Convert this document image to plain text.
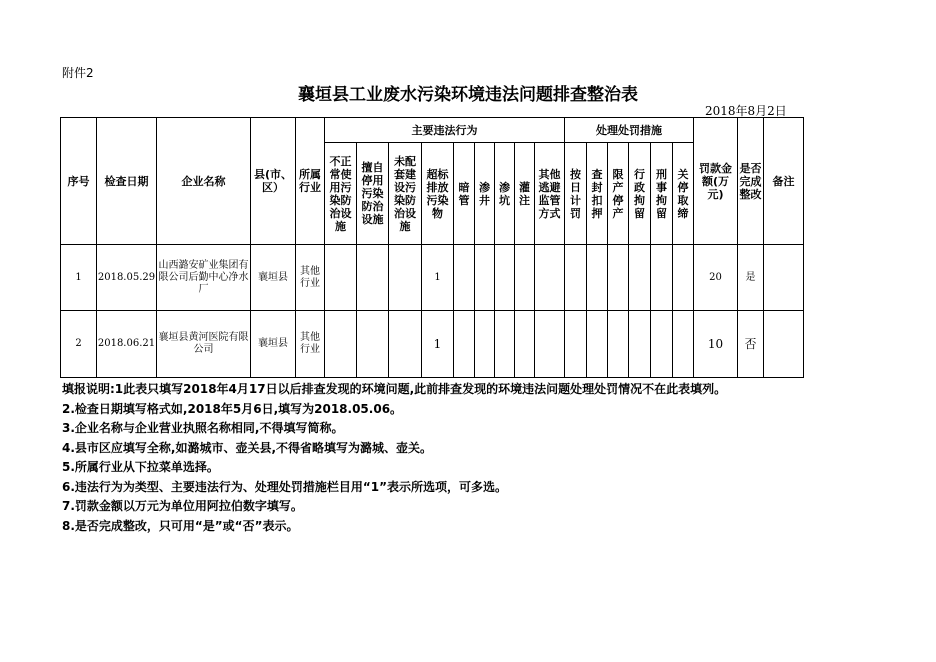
附件2
襄垣县工业废水污染环境违法问题排查整治表
2018年8月2日
序号	检查日期	企业名称	县(市、区）	所属行业	主要违法行为									处理处罚措施						罚款金额(万元)	是否完成整改	备注
					不正常使用污染防治设施	擅自停用污染防治设施	未配套建设污染防治设施	超标排放污染物	暗管	渗井	渗坑	灌注	其他逃避监管方式	按日计罚	查封扣押	限产停产	行政拘留	刑事拘留	关停取缔			
1	2018.05.29	山西潞安矿业集团有限公司后勤中心净水厂	襄垣县	其他行业				1												20	是	
2	2018.06.21	襄垣县黄河医院有限公司	襄垣县	其他行业				1												10	否	
填报说明:1此表只填写2018年4月17日以后排查发现的环境问题,此前排查发现的环境违法问题处理处罚情况不在此表填列。
2.检查日期填写格式如,2018年5月6日,填写为2018.05.06。
3.企业名称与企业营业执照名称相同,不得填写简称。
4.县市区应填写全称,如潞城市、壶关县,不得省略填写为潞城、壶关。
5.所属行业从下拉菜单选择。
6.违法行为为类型、主要违法行为、处理处罚措施栏目用“1”表示所选项，可多选。
7.罚款金额以万元为单位用阿拉伯数字填写。
8.是否完成整改，只可用“是”或“否”表示。
